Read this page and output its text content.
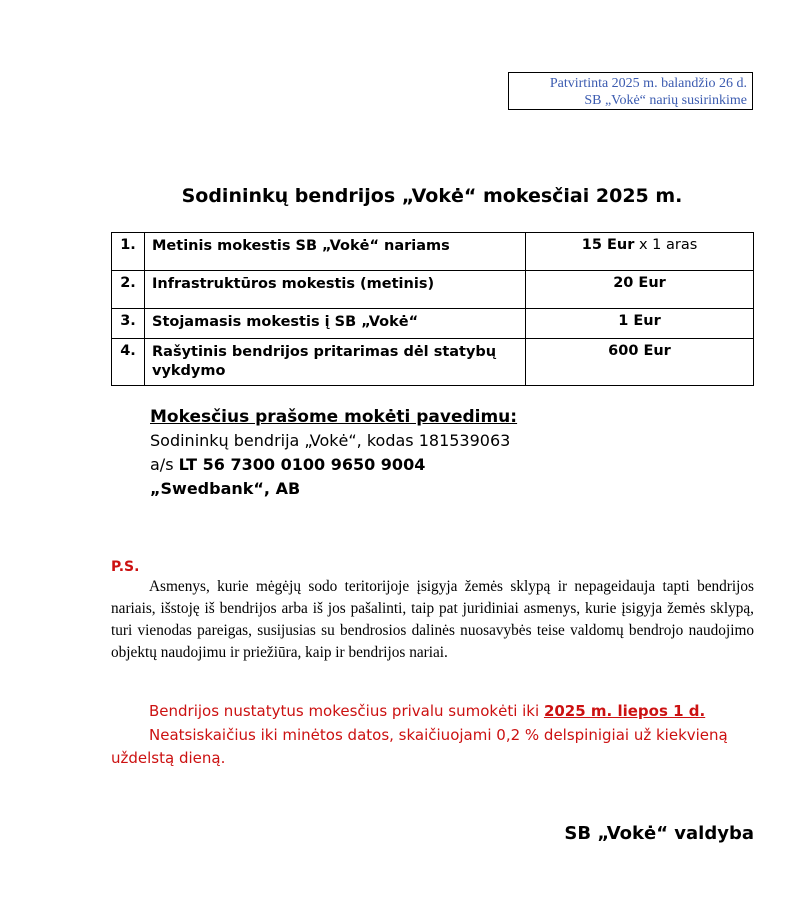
Patvirtinta 2025 m. balandžio 26 d.
SB „Vokė“ narių susirinkime
Sodininkų bendrijos „Vokė“ mokesčiai 2025 m.
1.	Metinis mokestis SB „Vokė“ nariams	15 Eur x 1 aras
2.	Infrastruktūros mokestis (metinis)	20 Eur
3.	Stojamasis mokestis į SB „Vokė“	1 Eur
4.	Rašytinis bendrijos pritarimas dėl statybų vykdymo	600 Eur
Mokesčius prašome mokėti pavedimu:
Sodininkų bendrija „Vokė“, kodas 181539063
a/s LT 56 7300 0100 9650 9004
„Swedbank“, AB
P.S.
Asmenys, kurie mėgėjų sodo teritorijoje įsigyja žemės sklypą ir nepageidauja tapti bendrijos nariais, išstoję iš bendrijos arba iš jos pašalinti, taip pat juridiniai asmenys, kurie įsigyja žemės sklypą, turi vienodas pareigas, susijusias su bendrosios dalinės nuosavybės teise valdomų bendrojo naudojimo objektų naudojimu ir priežiūra, kaip ir bendrijos nariai.

Bendrijos nustatytus mokesčius privalu sumokėti iki 2025 m. liepos 1 d.

Neatsiskaičius iki minėtos datos, skaičiuojami 0,2 % delspinigiai už kiekvieną uždelstą dieną.

SB „Vokė“ valdyba
